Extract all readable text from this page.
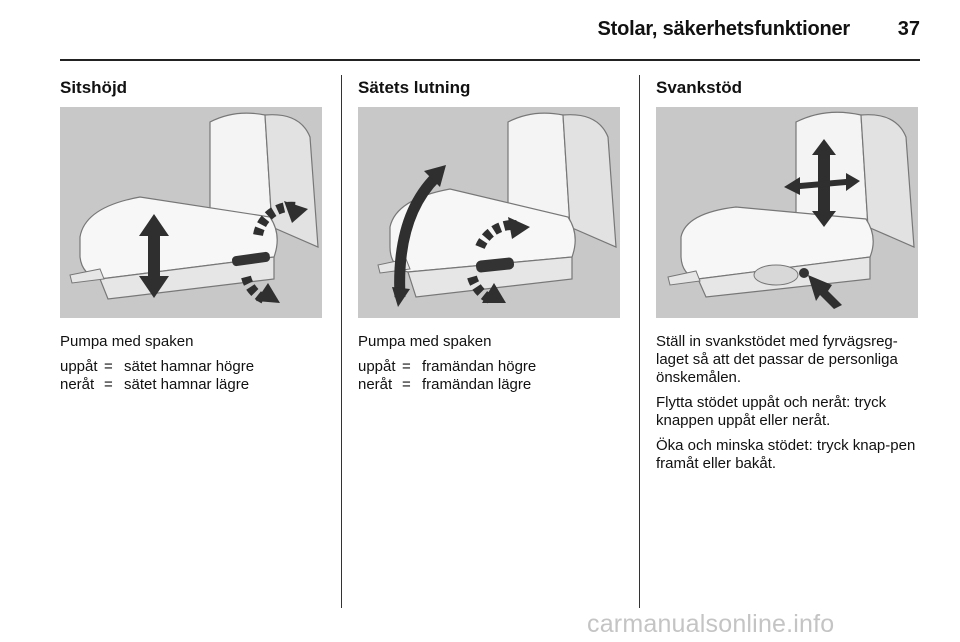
Stolar, säkerhetsfunktioner	37
Sitshöjd

Pumpa med spaken

uppåt = sätet hamnar högre
neråt = sätet hamnar lägre
Sätets lutning

Pumpa med spaken

uppåt = framändan högre
neråt = framändan lägre
Svankstöd

Ställ in svankstödet med fyrvägsreg-laget så att det passar de personliga önskemålen.

Flytta stödet uppåt och neråt: tryck knappen uppåt eller neråt.

Öka och minska stödet: tryck knap-pen framåt eller bakåt.

carmanualsonline.info
